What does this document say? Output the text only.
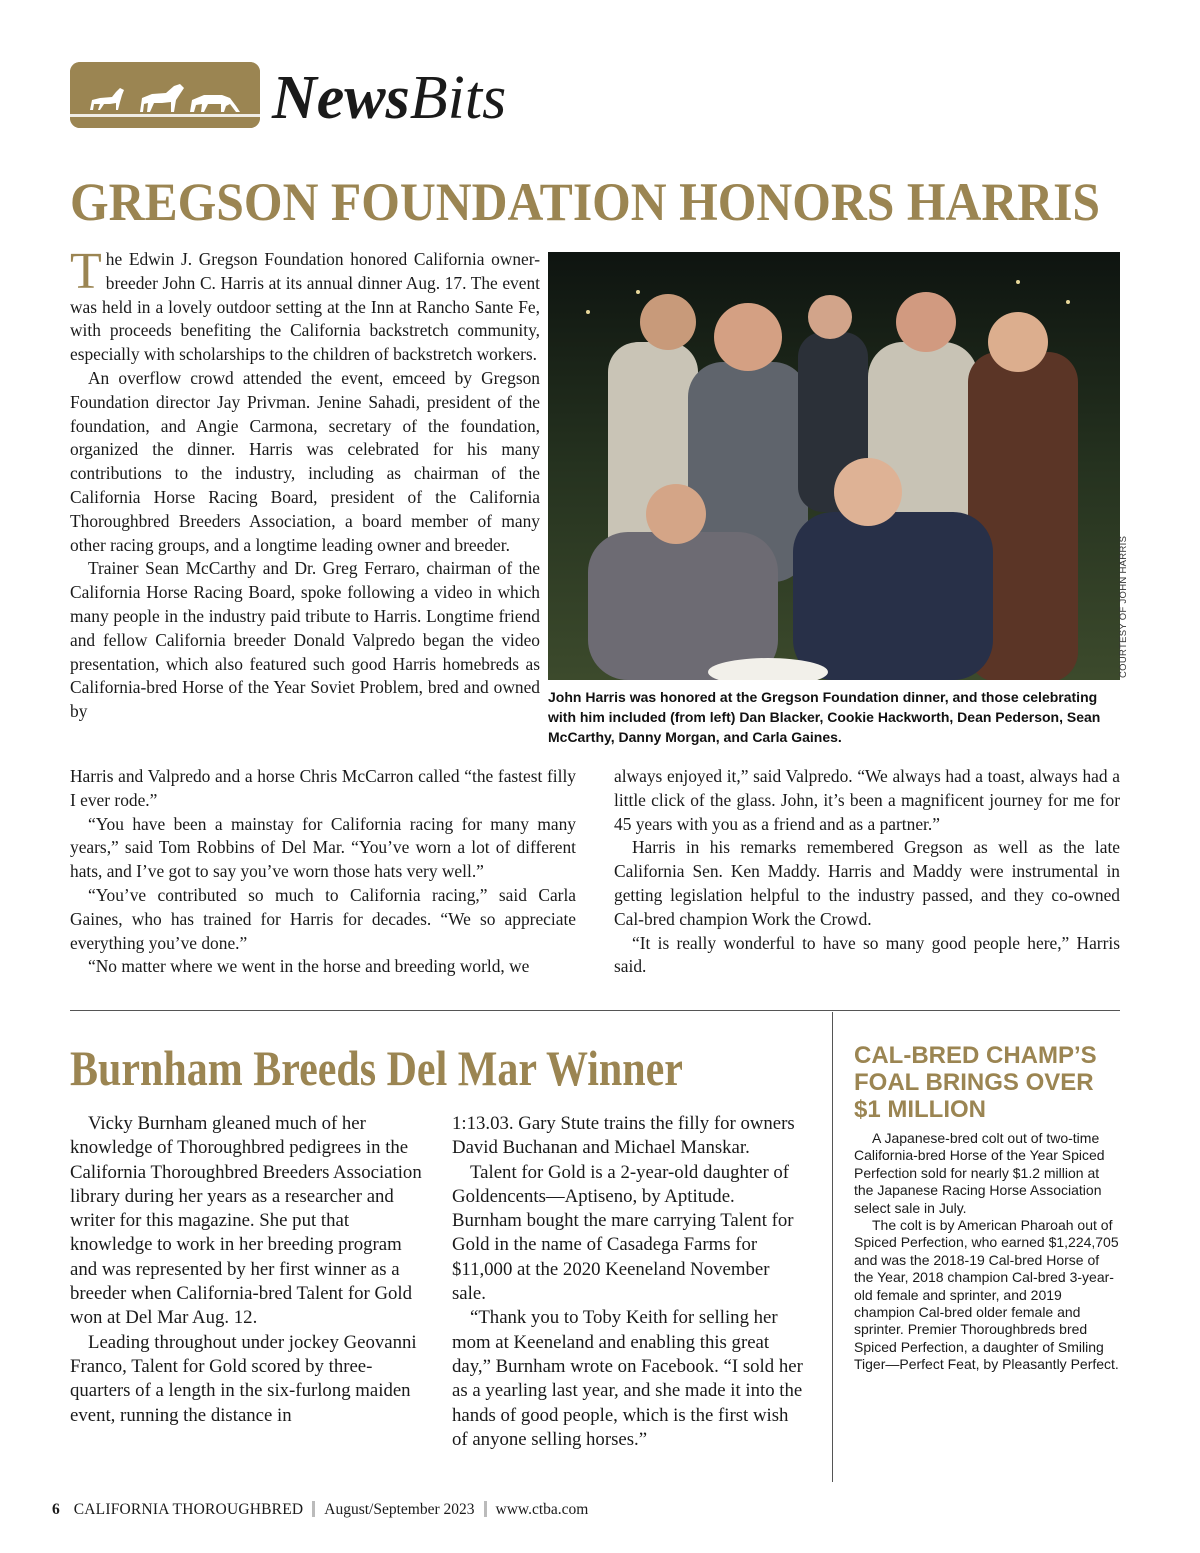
NewsBits
GREGSON FOUNDATION HONORS HARRIS

The Edwin J. Gregson Foundation honored California owner-breeder John C. Harris at its annual dinner Aug. 17. The event was held in a lovely outdoor setting at the Inn at Rancho Sante Fe, with proceeds benefiting the California backstretch community, especially with scholarships to the children of backstretch workers.

An overflow crowd attended the event, emceed by Gregson Foundation director Jay Privman. Jenine Sahadi, president of the foundation, and Angie Carmona, secretary of the foundation, organized the dinner. Harris was celebrated for his many contributions to the industry, including as chairman of the California Horse Racing Board, president of the California Thoroughbred Breeders Association, a board member of many other racing groups, and a longtime leading owner and breeder.

Trainer Sean McCarthy and Dr. Greg Ferraro, chairman of the California Horse Racing Board, spoke following a video in which many people in the industry paid tribute to Harris. Longtime friend and fellow California breeder Donald Valpredo began the video presentation, which also featured such good Harris homebreds as California-bred Horse of the Year Soviet Problem, bred and owned by

COURTESY OF JOHN HARRIS
John Harris was honored at the Gregson Foundation dinner, and those celebrating with him included (from left) Dan Blacker, Cookie Hackworth, Dean Pederson, Sean McCarthy, Danny Morgan, and Carla Gaines.

Harris and Valpredo and a horse Chris McCarron called “the fastest filly I ever rode.”

“You have been a mainstay for California racing for many many years,” said Tom Robbins of Del Mar. “You’ve worn a lot of different hats, and I’ve got to say you’ve worn those hats very well.”

“You’ve contributed so much to California racing,” said Carla Gaines, who has trained for Harris for decades. “We so appreciate everything you’ve done.”

“No matter where we went in the horse and breeding world, we

always enjoyed it,” said Valpredo. “We always had a toast, always had a little click of the glass. John, it’s been a magnificent journey for me for 45 years with you as a friend and as a partner.”

Harris in his remarks remembered Gregson as well as the late California Sen. Ken Maddy. Harris and Maddy were instrumental in getting legislation helpful to the industry passed, and they co-owned Cal-bred champion Work the Crowd.

“It is really wonderful to have so many good people here,” Harris said.

Burnham Breeds Del Mar Winner

Vicky Burnham gleaned much of her knowledge of Thoroughbred pedigrees in the California Thoroughbred Breeders Association library during her years as a researcher and writer for this magazine. She put that knowledge to work in her breeding program and was represented by her first winner as a breeder when California-bred Talent for Gold won at Del Mar Aug. 12.

Leading throughout under jockey Geovanni Franco, Talent for Gold scored by three-quarters of a length in the six-furlong maiden event, running the distance in

1:13.03. Gary Stute trains the filly for owners David Buchanan and Michael Manskar.

Talent for Gold is a 2-year-old daughter of Goldencents—Aptiseno, by Aptitude. Burnham bought the mare carrying Talent for Gold in the name of Casadega Farms for $11,000 at the 2020 Keeneland November sale.

“Thank you to Toby Keith for selling her mom at Keeneland and enabling this great day,” Burnham wrote on Facebook. “I sold her as a yearling last year, and she made it into the hands of good people, which is the first wish of anyone selling horses.”

CAL-BRED CHAMP’S FOAL BRINGS OVER $1 MILLION

A Japanese-bred colt out of two-time California-bred Horse of the Year Spiced Perfection sold for nearly $1.2 million at the Japanese Racing Horse Association select sale in July.

The colt is by American Pharoah out of Spiced Perfection, who earned $1,224,705 and was the 2018-19 Cal-bred Horse of the Year, 2018 champion Cal-bred 3-year-old female and sprinter, and 2019 champion Cal-bred older female and sprinter. Premier Thoroughbreds bred Spiced Perfection, a daughter of Smiling Tiger—Perfect Feat, by Pleasantly Perfect.

6 CALIFORNIA THOROUGHBRED August/September 2023 www.ctba.com
